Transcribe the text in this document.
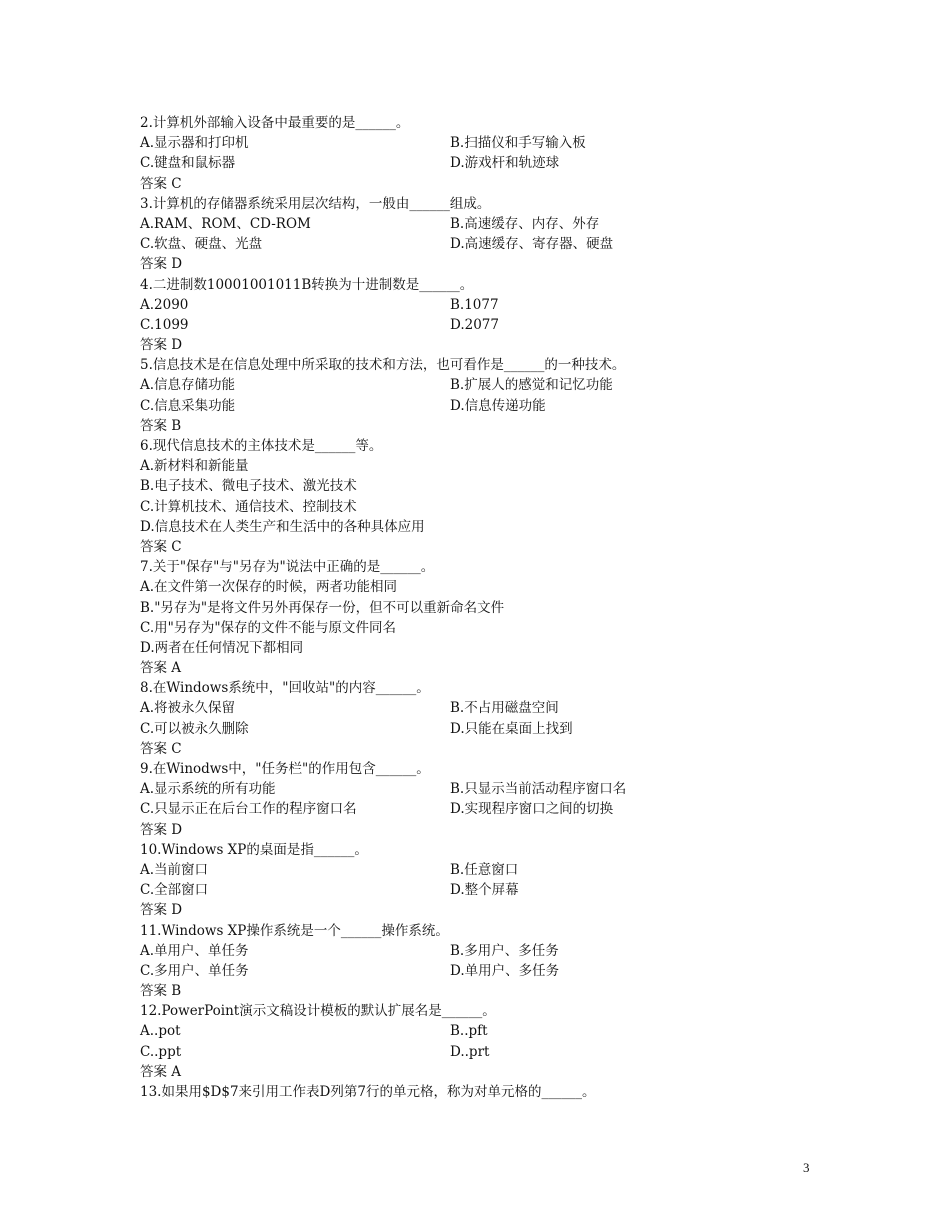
2.计算机外部输入设备中最重要的是______。
A.显示器和打印机	B.扫描仪和手写输入板
C.键盘和鼠标器	D.游戏杆和轨迹球
答案 C
3.计算机的存储器系统采用层次结构，一般由______组成。
A.RAM、ROM、CD-ROM	B.高速缓存、内存、外存
C.软盘、硬盘、光盘	D.高速缓存、寄存器、硬盘
答案 D
4.二进制数10001001011B转换为十进制数是______。
A.2090	B.1077
C.1099	D.2077
答案 D
5.信息技术是在信息处理中所采取的技术和方法，也可看作是______的一种技术。
A.信息存储功能	B.扩展人的感觉和记忆功能
C.信息采集功能	D.信息传递功能
答案 B
6.现代信息技术的主体技术是______等。
A.新材料和新能量
B.电子技术、微电子技术、激光技术
C.计算机技术、通信技术、控制技术
D.信息技术在人类生产和生活中的各种具体应用
答案 C
7.关于"保存"与"另存为"说法中正确的是______。
A.在文件第一次保存的时候，两者功能相同
B."另存为"是将文件另外再保存一份，但不可以重新命名文件
C.用"另存为"保存的文件不能与原文件同名
D.两者在任何情况下都相同
答案 A
8.在Windows系统中，"回收站"的内容______。
A.将被永久保留	B.不占用磁盘空间
C.可以被永久删除	D.只能在桌面上找到
答案 C
9.在Winodws中，"任务栏"的作用包含______。
A.显示系统的所有功能	B.只显示当前活动程序窗口名
C.只显示正在后台工作的程序窗口名	D.实现程序窗口之间的切换
答案 D
10.Windows XP的桌面是指______。
A.当前窗口	B.任意窗口
C.全部窗口	D.整个屏幕
答案 D
11.Windows XP操作系统是一个______操作系统。
A.单用户、单任务	B.多用户、多任务
C.多用户、单任务	D.单用户、多任务
答案 B
12.PowerPoint演示文稿设计模板的默认扩展名是______。
A..pot	B..pft
C..ppt	D..prt
答案 A
13.如果用$D$7来引用工作表D列第7行的单元格，称为对单元格的______。
3
